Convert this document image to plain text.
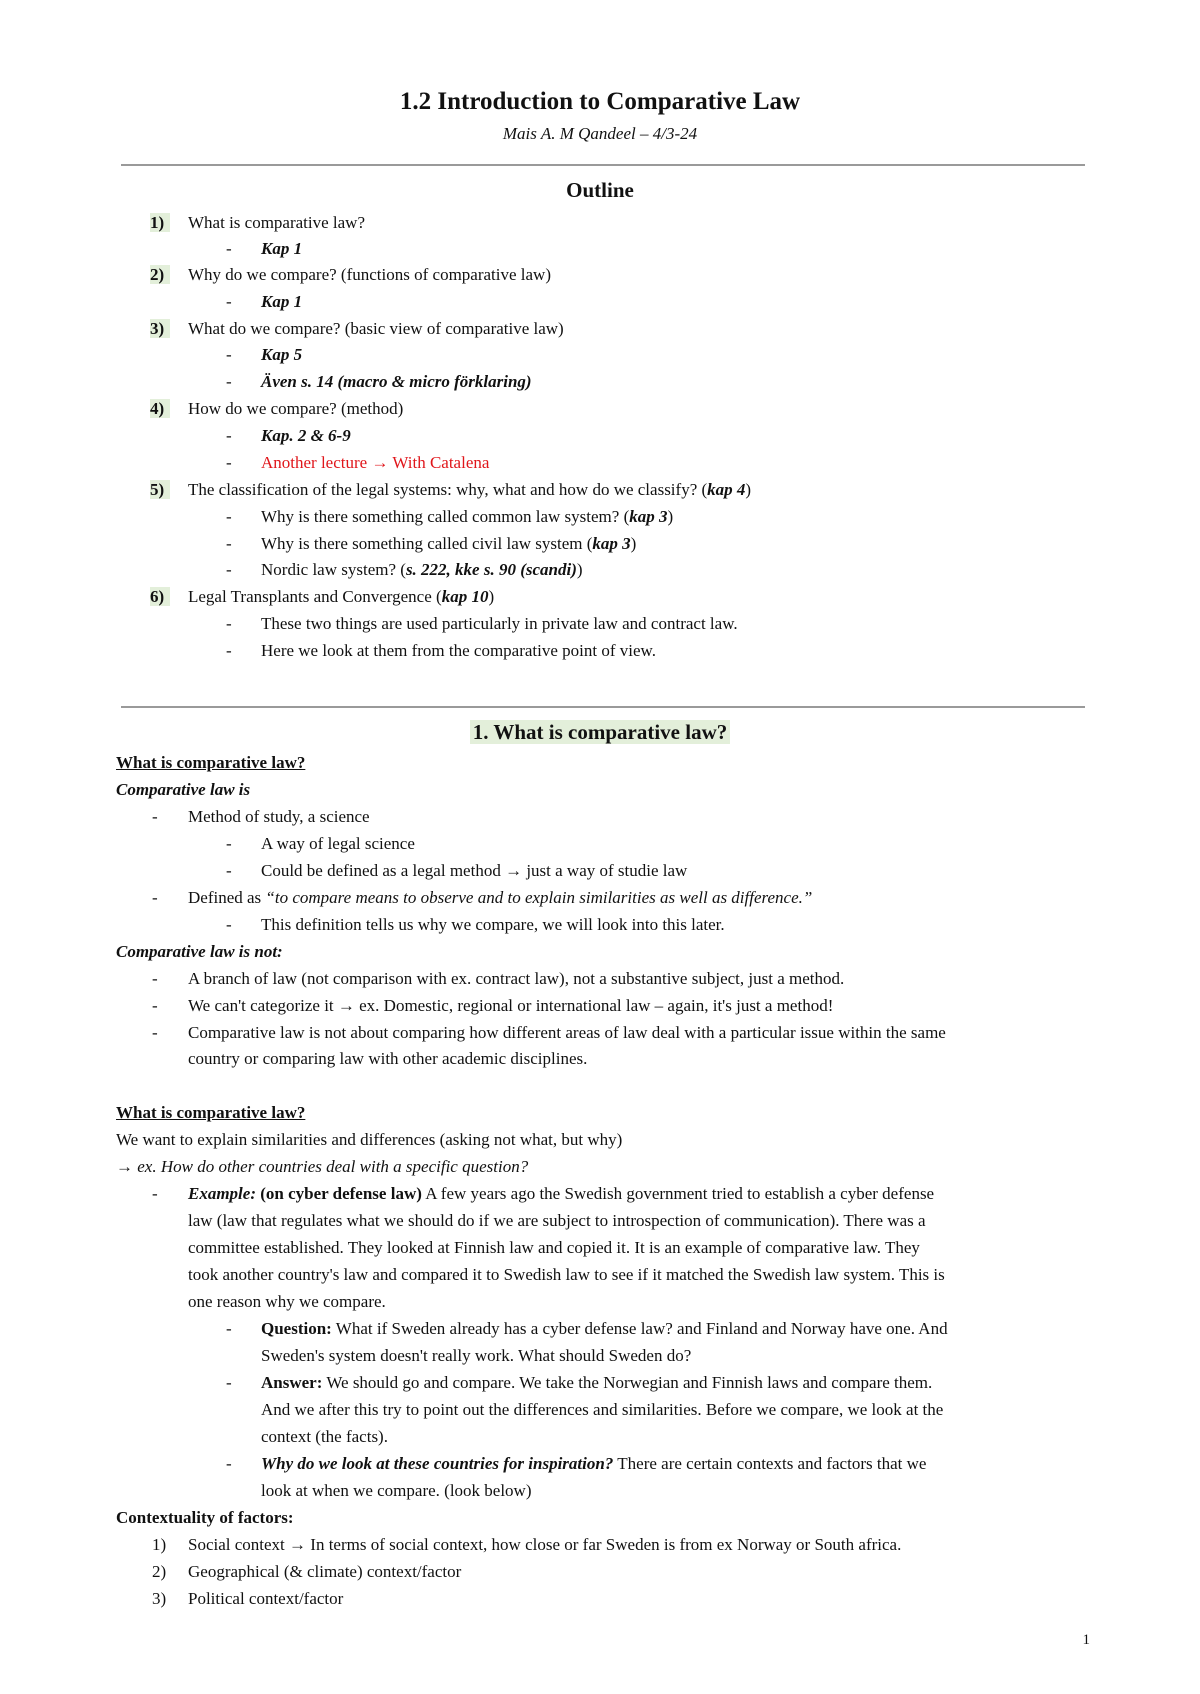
1.2 Introduction to Comparative Law
Mais A. M Qandeel – 4/3-24
Outline
1)	What is comparative law?
- Kap 1
2)	Why do we compare? (functions of comparative law)
- Kap 1
3)	What do we compare? (basic view of comparative law)
- Kap 5
- Även s. 14 (macro & micro förklaring)
4)	How do we compare? (method)
- Kap. 2 & 6-9
- Another lecture → With Catalena
5)	The classification of the legal systems: why, what and how do we classify? (kap 4)
- Why is there something called common law system? (kap 3)
- Why is there something called civil law system (kap 3)
- Nordic law system? (s. 222, kke s. 90 (scandi))
6)	Legal Transplants and Convergence (kap 10)
- These two things are used particularly in private law and contract law.
- Here we look at them from the comparative point of view.
1. What is comparative law?
What is comparative law?
Comparative law is
- Method of study, a science
- A way of legal science
- Could be defined as a legal method → just a way of studie law
- Defined as “to compare means to observe and to explain similarities as well as difference.”
- This definition tells us why we compare, we will look into this later.
Comparative law is not:
- A branch of law (not comparison with ex. contract law), not a substantive subject, just a method.
- We can't categorize it → ex. Domestic, regional or international law – again, it's just a method!
- Comparative law is not about comparing how different areas of law deal with a particular issue within the same
country or comparing law with other academic disciplines.
What is comparative law?
We want to explain similarities and differences (asking not what, but why)
→ ex. How do other countries deal with a specific question?
- Example: (on cyber defense law) A few years ago the Swedish government tried to establish a cyber defense
law (law that regulates what we should do if we are subject to introspection of communication). There was a
committee established. They looked at Finnish law and copied it. It is an example of comparative law. They
took another country's law and compared it to Swedish law to see if it matched the Swedish law system. This is
one reason why we compare.
- Question: What if Sweden already has a cyber defense law? and Finland and Norway have one. And
Sweden's system doesn't really work. What should Sweden do?
- Answer: We should go and compare. We take the Norwegian and Finnish laws and compare them.
And we after this try to point out the differences and similarities. Before we compare, we look at the
context (the facts).
- Why do we look at these countries for inspiration? There are certain contexts and factors that we
look at when we compare. (look below)
Contextuality of factors:
1) Social context → In terms of social context, how close or far Sweden is from ex Norway or South africa.
2) Geographical (& climate) context/factor
3) Political context/factor
1
